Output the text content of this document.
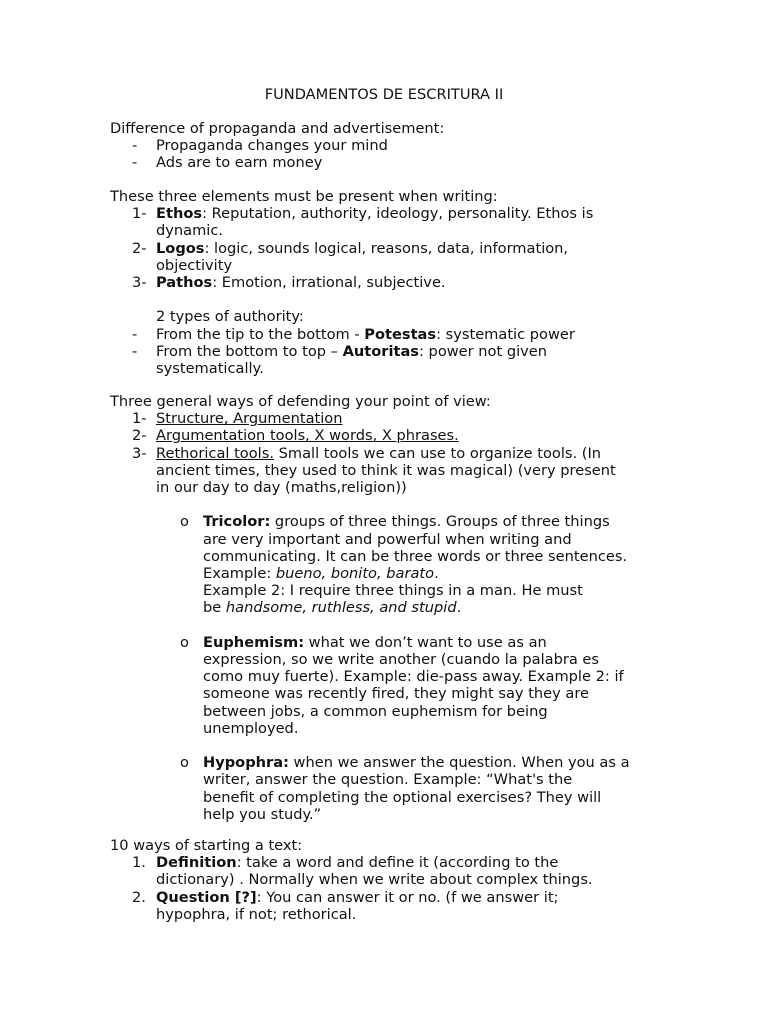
FUNDAMENTOS DE ESCRITURA II
Difference of propaganda and advertisement:
- Propaganda changes your mind
- Ads are to earn money
These three elements must be present when writing:
1- Ethos: Reputation, authority, ideology, personality. Ethos is
dynamic.
2- Logos: logic, sounds logical, reasons, data, information,
objectivity
3- Pathos: Emotion, irrational, subjective.
2 types of authority:
- From the tip to the bottom - Potestas: systematic power
- From the bottom to top – Autoritas: power not given
systematically.
Three general ways of defending your point of view:
1- Structure, Argumentation
2- Argumentation tools, X words, X phrases.
3- Rethorical tools. Small tools we can use to organize tools. (In
ancient times, they used to think it was magical) (very present
in our day to day (maths,religion))
o Tricolor: groups of three things. Groups of three things
are very important and powerful when writing and
communicating. It can be three words or three sentences.
Example: bueno, bonito, barato.
Example 2: I require three things in a man. He must
be handsome, ruthless, and stupid.
o Euphemism: what we don’t want to use as an
expression, so we write another (cuando la palabra es
como muy fuerte). Example: die-pass away. Example 2: if
someone was recently fired, they might say they are
between jobs, a common euphemism for being
unemployed.
o Hypophra: when we answer the question. When you as a
writer, answer the question. Example: “What's the
benefit of completing the optional exercises? They will
help you study.”
10 ways of starting a text:
1. Definition: take a word and define it (according to the
dictionary) . Normally when we write about complex things.
2. Question [?]: You can answer it or no. (f we answer it;
hypophra, if not; rethorical.
